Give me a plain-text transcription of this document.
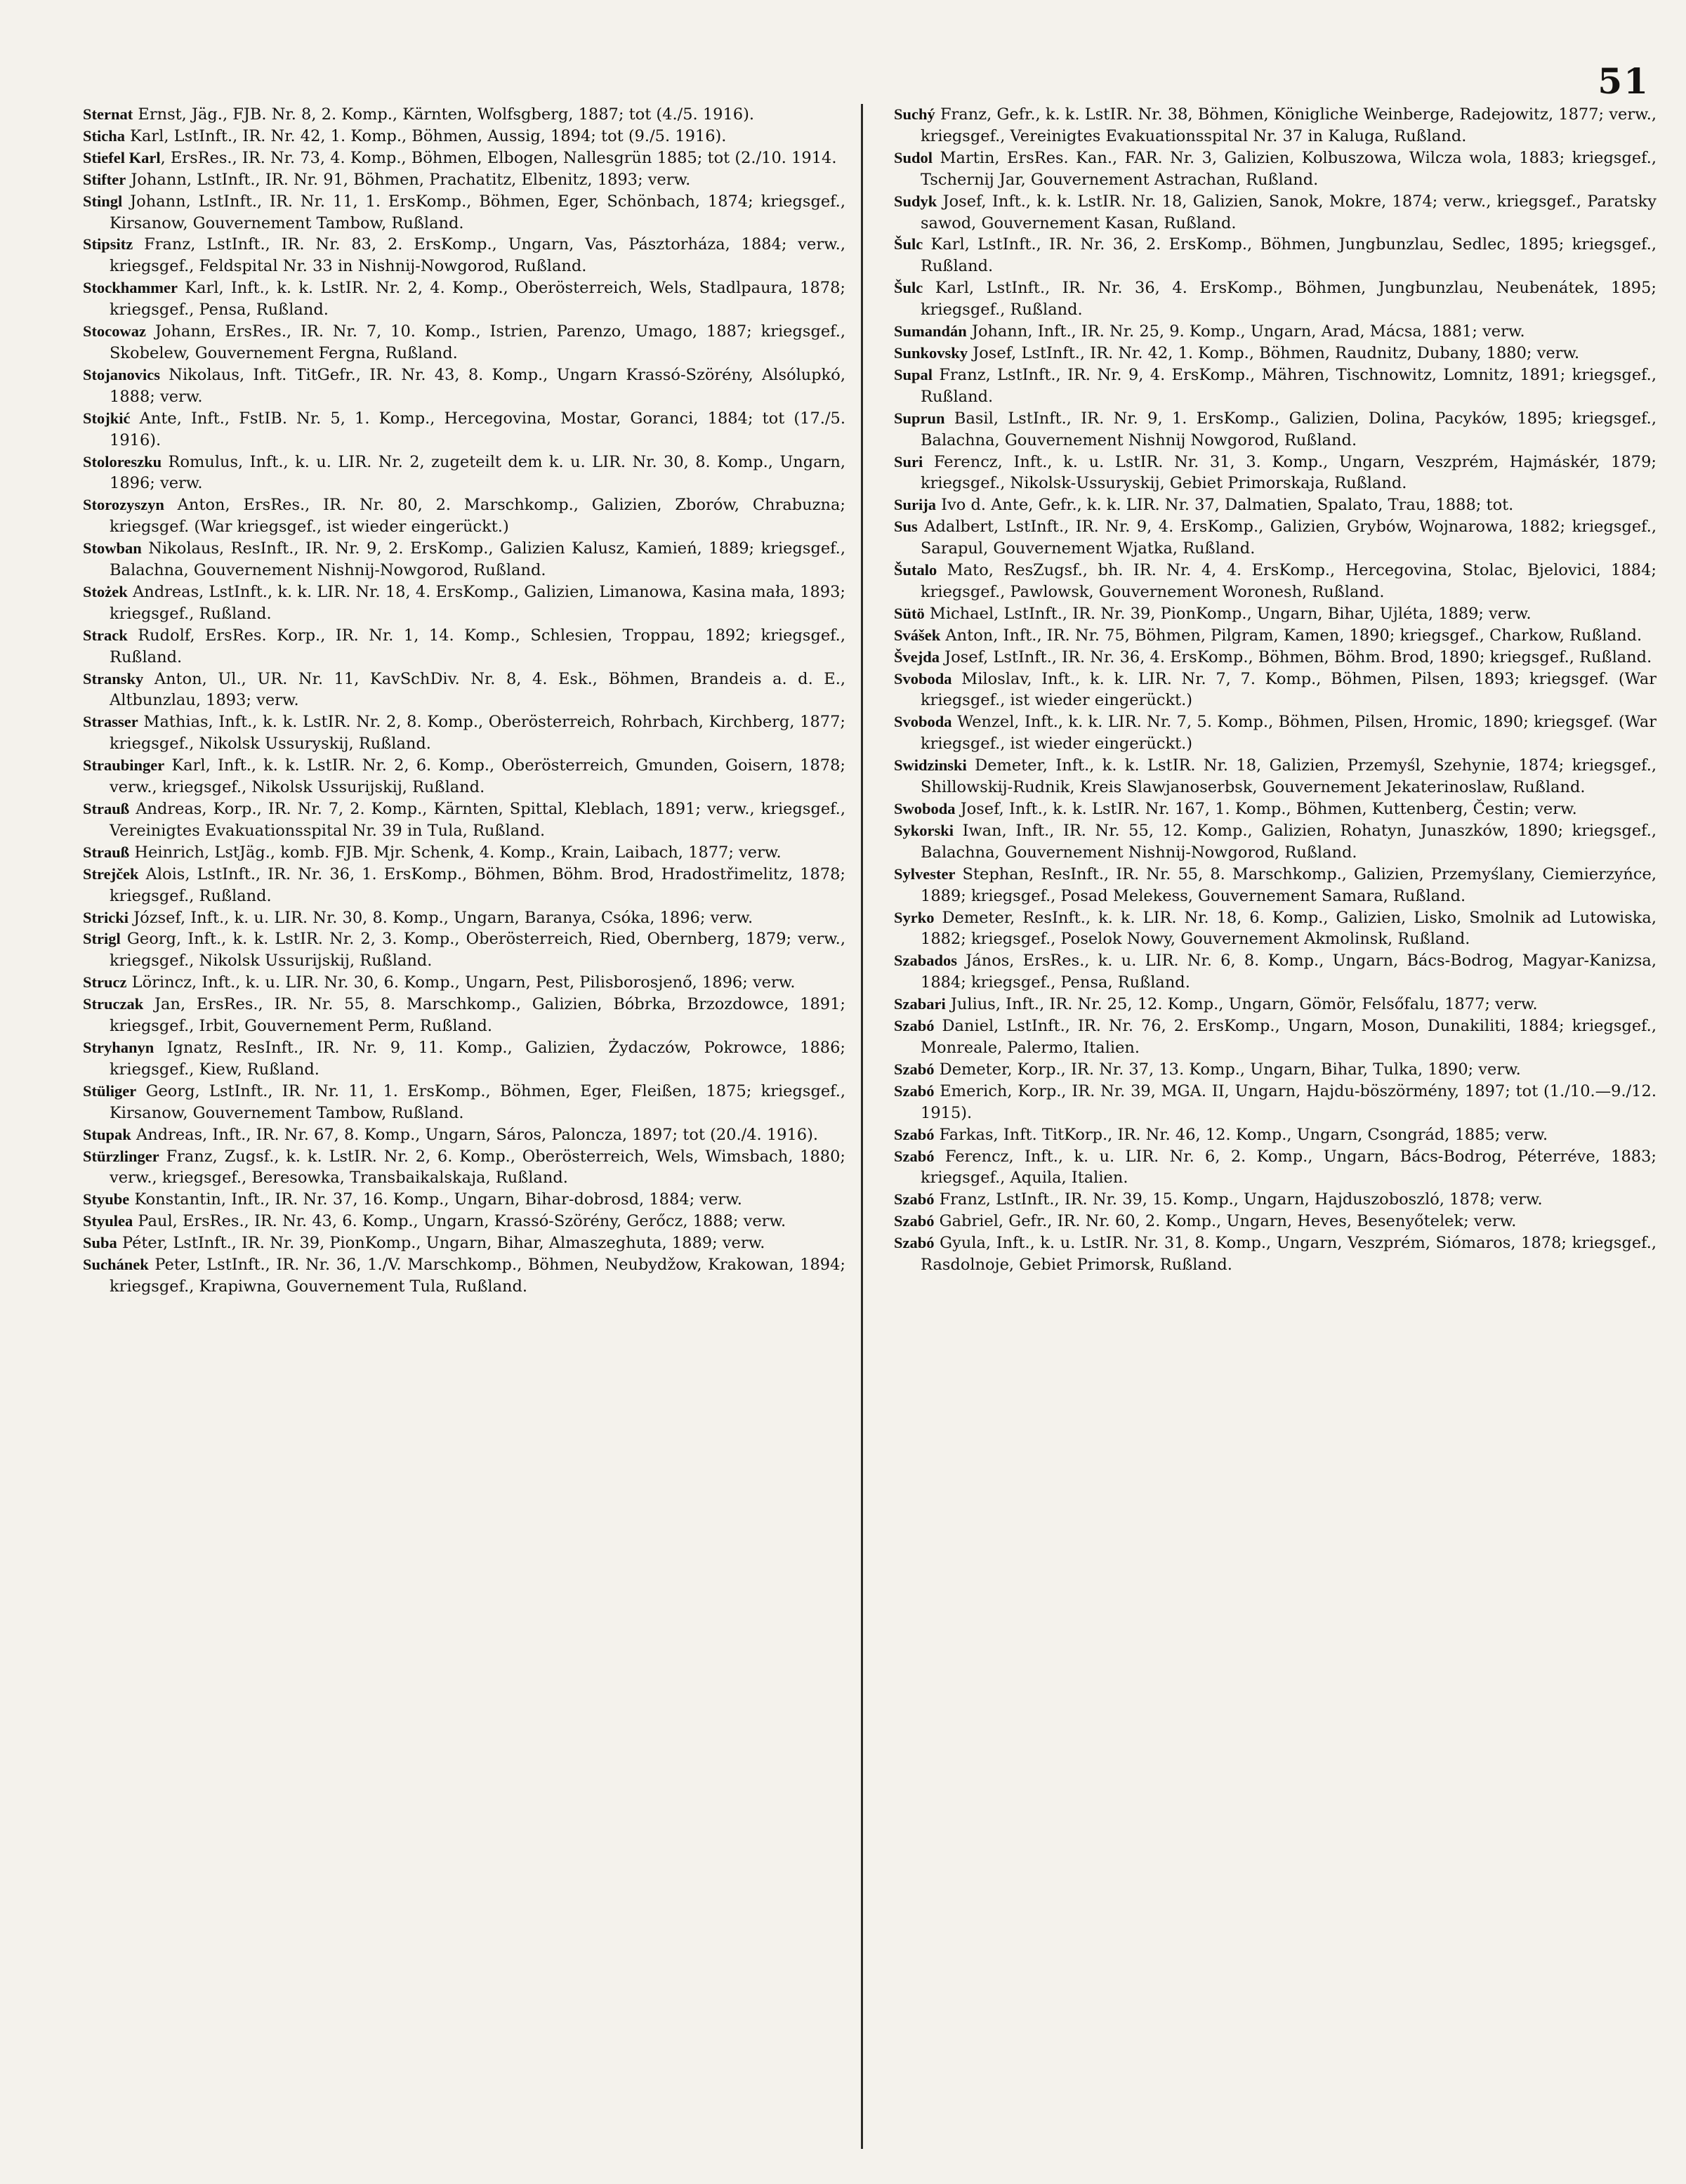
51

Sternat Ernst, Jäg., FJB. Nr. 8, 2. Komp., Kärnten, Wolfsgberg, 1887; tot (4./5. 1916).

Sticha Karl, LstInft., IR. Nr. 42, 1. Komp., Böhmen, Aussig, 1894; tot (9./5. 1916).

Stiefel Karl, ErsRes., IR. Nr. 73, 4. Komp., Böhmen, Elbogen, Nallesgrün 1885; tot (2./10. 1914.

Stifter Johann, LstInft., IR. Nr. 91, Böhmen, Prachatitz, Elbenitz, 1893; verw.

Stingl Johann, LstInft., IR. Nr. 11, 1. ErsKomp., Böhmen, Eger, Schönbach, 1874; kriegsgef., Kirsanow, Gouvernement Tambow, Rußland.

Stipsitz Franz, LstInft., IR. Nr. 83, 2. ErsKomp., Ungarn, Vas, Pásztorháza, 1884; verw., kriegsgef., Feldspital Nr. 33 in Nishnij-Nowgorod, Rußland.

Stockhammer Karl, Inft., k. k. LstIR. Nr. 2, 4. Komp., Oberösterreich, Wels, Stadlpaura, 1878; kriegsgef., Pensa, Rußland.

Stocowaz Johann, ErsRes., IR. Nr. 7, 10. Komp., Istrien, Parenzo, Umago, 1887; kriegsgef., Skobelew, Gouvernement Fergna, Rußland.

Stojanovics Nikolaus, Inft. TitGefr., IR. Nr. 43, 8. Komp., Ungarn Krassó-Szörény, Alsólupkó, 1888; verw.

Stojkić Ante, Inft., FstIB. Nr. 5, 1. Komp., Hercegovina, Mostar, Goranci, 1884; tot (17./5. 1916).

Stoloreszku Romulus, Inft., k. u. LIR. Nr. 2, zugeteilt dem k. u. LIR. Nr. 30, 8. Komp., Ungarn, 1896; verw.

Storozyszyn Anton, ErsRes., IR. Nr. 80, 2. Marschkomp., Galizien, Zborów, Chrabuzna; kriegsgef. (War kriegsgef., ist wieder eingerückt.)

Stowban Nikolaus, ResInft., IR. Nr. 9, 2. ErsKomp., Galizien Kalusz, Kamień, 1889; kriegsgef., Balachna, Gouvernement Nishnij-Nowgorod, Rußland.

Stożek Andreas, LstInft., k. k. LIR. Nr. 18, 4. ErsKomp., Galizien, Limanowa, Kasina mała, 1893; kriegsgef., Rußland.

Strack Rudolf, ErsRes. Korp., IR. Nr. 1, 14. Komp., Schlesien, Troppau, 1892; kriegsgef., Rußland.

Stransky Anton, Ul., UR. Nr. 11, KavSchDiv. Nr. 8, 4. Esk., Böhmen, Brandeis a. d. E., Altbunzlau, 1893; verw.

Strasser Mathias, Inft., k. k. LstIR. Nr. 2, 8. Komp., Oberösterreich, Rohrbach, Kirchberg, 1877; kriegsgef., Nikolsk Ussuryskij, Rußland.

Straubinger Karl, Inft., k. k. LstIR. Nr. 2, 6. Komp., Oberösterreich, Gmunden, Goisern, 1878; verw., kriegsgef., Nikolsk Ussurijskij, Rußland.

Strauß Andreas, Korp., IR. Nr. 7, 2. Komp., Kärnten, Spittal, Kleblach, 1891; verw., kriegsgef., Vereinigtes Evakuationsspital Nr. 39 in Tula, Rußland.

Strauß Heinrich, LstJäg., komb. FJB. Mjr. Schenk, 4. Komp., Krain, Laibach, 1877; verw.

Strejček Alois, LstInft., IR. Nr. 36, 1. ErsKomp., Böhmen, Böhm. Brod, Hradostřimelitz, 1878; kriegsgef., Rußland.

Stricki József, Inft., k. u. LIR. Nr. 30, 8. Komp., Ungarn, Baranya, Csóka, 1896; verw.

Strigl Georg, Inft., k. k. LstIR. Nr. 2, 3. Komp., Oberösterreich, Ried, Obernberg, 1879; verw., kriegsgef., Nikolsk Ussurijskij, Rußland.

Strucz Lörincz, Inft., k. u. LIR. Nr. 30, 6. Komp., Ungarn, Pest, Pilisborosjenő, 1896; verw.

Struczak Jan, ErsRes., IR. Nr. 55, 8. Marschkomp., Galizien, Bóbrka, Brzozdowce, 1891; kriegsgef., Irbit, Gouvernement Perm, Rußland.

Stryhanyn Ignatz, ResInft., IR. Nr. 9, 11. Komp., Galizien, Żydaczów, Pokrowce, 1886; kriegsgef., Kiew, Rußland.

Stüliger Georg, LstInft., IR. Nr. 11, 1. ErsKomp., Böhmen, Eger, Fleißen, 1875; kriegsgef., Kirsanow, Gouvernement Tambow, Rußland.

Stupak Andreas, Inft., IR. Nr. 67, 8. Komp., Ungarn, Sáros, Paloncza, 1897; tot (20./4. 1916).

Stürzlinger Franz, Zugsf., k. k. LstIR. Nr. 2, 6. Komp., Oberösterreich, Wels, Wimsbach, 1880; verw., kriegsgef., Beresowka, Transbaikalskaja, Rußland.

Styube Konstantin, Inft., IR. Nr. 37, 16. Komp., Ungarn, Bihar-dobrosd, 1884; verw.

Styulea Paul, ErsRes., IR. Nr. 43, 6. Komp., Ungarn, Krassó-Szörény, Gerőcz, 1888; verw.

Suba Péter, LstInft., IR. Nr. 39, PionKomp., Ungarn, Bihar, Almaszeghuta, 1889; verw.

Suchánek Peter, LstInft., IR. Nr. 36, 1./V. Marschkomp., Böhmen, Neubydžow, Krakowan, 1894; kriegsgef., Krapiwna, Gouvernement Tula, Rußland.

Suchý Franz, Gefr., k. k. LstIR. Nr. 38, Böhmen, Königliche Weinberge, Radejowitz, 1877; verw., kriegsgef., Vereinigtes Evakuationsspital Nr. 37 in Kaluga, Rußland.

Sudol Martin, ErsRes. Kan., FAR. Nr. 3, Galizien, Kolbuszowa, Wilcza wola, 1883; kriegsgef., Tschernij Jar, Gouvernement Astrachan, Rußland.

Sudyk Josef, Inft., k. k. LstIR. Nr. 18, Galizien, Sanok, Mokre, 1874; verw., kriegsgef., Paratsky sawod, Gouvernement Kasan, Rußland.

Šulc Karl, LstInft., IR. Nr. 36, 2. ErsKomp., Böhmen, Jungbunzlau, Sedlec, 1895; kriegsgef., Rußland.

Šulc Karl, LstInft., IR. Nr. 36, 4. ErsKomp., Böhmen, Jungbunzlau, Neubenátek, 1895; kriegsgef., Rußland.

Sumandán Johann, Inft., IR. Nr. 25, 9. Komp., Ungarn, Arad, Mácsa, 1881; verw.

Sunkovsky Josef, LstInft., IR. Nr. 42, 1. Komp., Böhmen, Raudnitz, Dubany, 1880; verw.

Supal Franz, LstInft., IR. Nr. 9, 4. ErsKomp., Mähren, Tischnowitz, Lomnitz, 1891; kriegsgef., Rußland.

Suprun Basil, LstInft., IR. Nr. 9, 1. ErsKomp., Galizien, Dolina, Pacyków, 1895; kriegsgef., Balachna, Gouvernement Nishnij Nowgorod, Rußland.

Suri Ferencz, Inft., k. u. LstIR. Nr. 31, 3. Komp., Ungarn, Veszprém, Hajmáskér, 1879; kriegsgef., Nikolsk-Ussuryskij, Gebiet Primorskaja, Rußland.

Surija Ivo d. Ante, Gefr., k. k. LIR. Nr. 37, Dalmatien, Spalato, Trau, 1888; tot.

Sus Adalbert, LstInft., IR. Nr. 9, 4. ErsKomp., Galizien, Grybów, Wojnarowa, 1882; kriegsgef., Sarapul, Gouvernement Wjatka, Rußland.

Šutalo Mato, ResZugsf., bh. IR. Nr. 4, 4. ErsKomp., Hercegovina, Stolac, Bjelovici, 1884; kriegsgef., Pawlowsk, Gouvernement Woronesh, Rußland.

Sütö Michael, LstInft., IR. Nr. 39, PionKomp., Ungarn, Bihar, Ujléta, 1889; verw.

Svášek Anton, Inft., IR. Nr. 75, Böhmen, Pilgram, Kamen, 1890; kriegsgef., Charkow, Rußland.

Švejda Josef, LstInft., IR. Nr. 36, 4. ErsKomp., Böhmen, Böhm. Brod, 1890; kriegsgef., Rußland.

Svoboda Miloslav, Inft., k. k. LIR. Nr. 7, 7. Komp., Böhmen, Pilsen, 1893; kriegsgef. (War kriegsgef., ist wieder eingerückt.)

Svoboda Wenzel, Inft., k. k. LIR. Nr. 7, 5. Komp., Böhmen, Pilsen, Hromic, 1890; kriegsgef. (War kriegsgef., ist wieder eingerückt.)

Swidzinski Demeter, Inft., k. k. LstIR. Nr. 18, Galizien, Przemyśl, Szehynie, 1874; kriegsgef., Shillowskij-Rudnik, Kreis Slawjanoserbsk, Gouvernement Jekaterinoslaw, Rußland.

Swoboda Josef, Inft., k. k. LstIR. Nr. 167, 1. Komp., Böhmen, Kuttenberg, Čestin; verw.

Sykorski Iwan, Inft., IR. Nr. 55, 12. Komp., Galizien, Rohatyn, Junaszków, 1890; kriegsgef., Balachna, Gouvernement Nishnij-Nowgorod, Rußland.

Sylvester Stephan, ResInft., IR. Nr. 55, 8. Marschkomp., Galizien, Przemyślany, Ciemierzyńce, 1889; kriegsgef., Posad Melekess, Gouvernement Samara, Rußland.

Syrko Demeter, ResInft., k. k. LIR. Nr. 18, 6. Komp., Galizien, Lisko, Smolnik ad Lutowiska, 1882; kriegsgef., Poselok Nowy, Gouvernement Akmolinsk, Rußland.

Szabados János, ErsRes., k. u. LIR. Nr. 6, 8. Komp., Ungarn, Bács-Bodrog, Magyar-Kanizsa, 1884; kriegsgef., Pensa, Rußland.

Szabari Julius, Inft., IR. Nr. 25, 12. Komp., Ungarn, Gömör, Felsőfalu, 1877; verw.

Szabó Daniel, LstInft., IR. Nr. 76, 2. ErsKomp., Ungarn, Moson, Dunakiliti, 1884; kriegsgef., Monreale, Palermo, Italien.

Szabó Demeter, Korp., IR. Nr. 37, 13. Komp., Ungarn, Bihar, Tulka, 1890; verw.

Szabó Emerich, Korp., IR. Nr. 39, MGA. II, Ungarn, Hajdu-böszörmény, 1897; tot (1./10.—9./12. 1915).

Szabó Farkas, Inft. TitKorp., IR. Nr. 46, 12. Komp., Ungarn, Csongrád, 1885; verw.

Szabó Ferencz, Inft., k. u. LIR. Nr. 6, 2. Komp., Ungarn, Bács-Bodrog, Péterréve, 1883; kriegsgef., Aquila, Italien.

Szabó Franz, LstInft., IR. Nr. 39, 15. Komp., Ungarn, Hajduszoboszló, 1878; verw.

Szabó Gabriel, Gefr., IR. Nr. 60, 2. Komp., Ungarn, Heves, Besenyőtelek; verw.

Szabó Gyula, Inft., k. u. LstIR. Nr. 31, 8. Komp., Ungarn, Veszprém, Siómaros, 1878; kriegsgef., Rasdolnoje, Gebiet Primorsk, Rußland.
